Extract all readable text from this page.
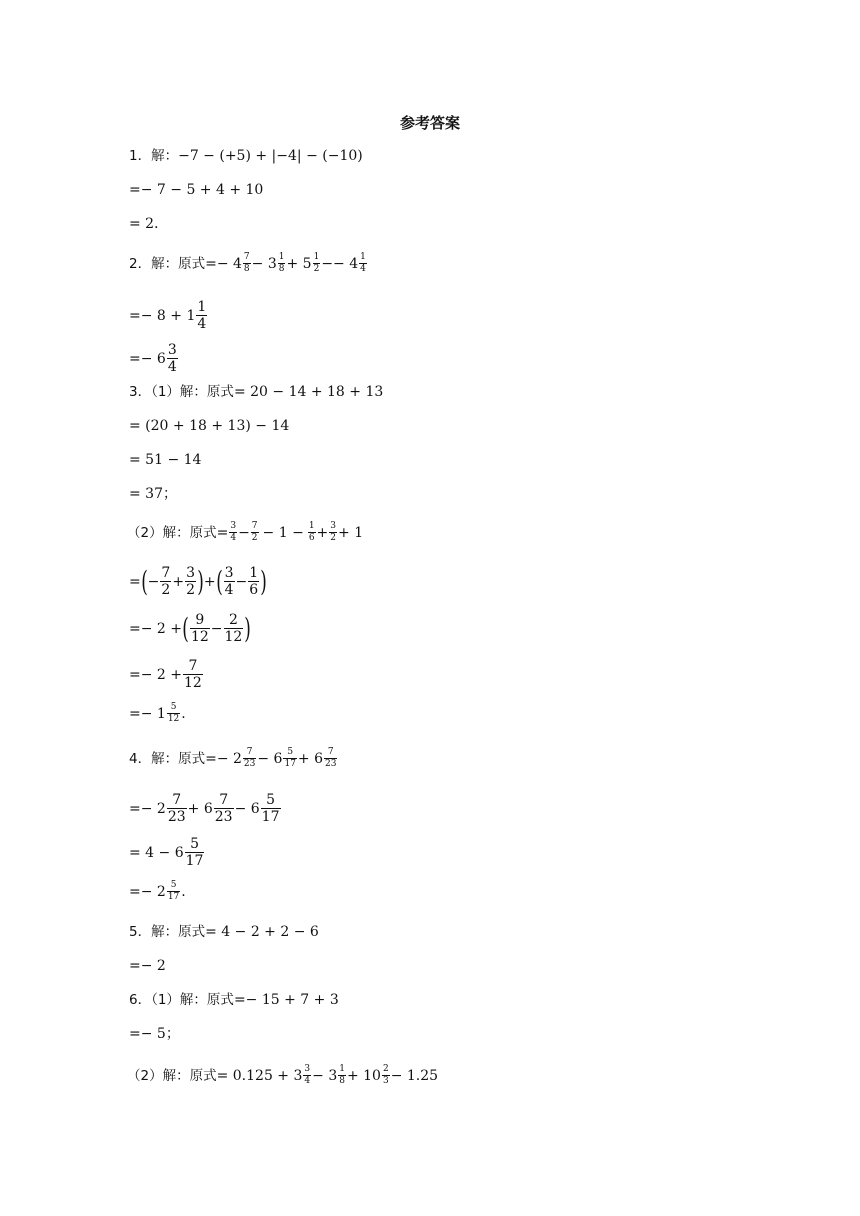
参考答案
1．解： −7 − (+5) + |−4| − (−10)
=− 7 − 5 + 4 + 10
= 2．
2．解：原式 =− $4 \frac{7}{8} - 3 \frac{1}{8} + 5 \frac{1}{2} -- 4 \frac{1}{4}$
=− $8 + 1 \frac{1}{4}$
=− $6 \frac{3}{4}$
3．（1）解：原式 = 20 − 14 + 18 + 13
= (20 + 18 + 13) − 14
= 51 − 14
= 37；
（2）解：原式 = $\frac{3}{4} - \frac{7}{2} - 1 - \frac{1}{6} + \frac{3}{2} + 1$
= ( − $\frac{7}{2} + \frac{3}{2}$ ) + ( $\frac{3}{4} - \frac{1}{6}$ )
=− 2 + ( $\frac{9}{12} - \frac{2}{12}$ )
=− $2 + \frac{7}{12}$
=− $1 \frac{5}{12}$ .
4．解：原式 =− $2 \frac{7}{23} - 6 \frac{5}{17} + 6 \frac{7}{23}$
=− $2 \frac{7}{23} + 6 \frac{7}{23} - 6 \frac{5}{17}$
= $4 - 6 \frac{5}{17}$
=− $2 \frac{5}{17}$ .
5．解：原式 = 4 − 2 + 2 − 6
=− 2
6．（1）解：原式 =− 15 + 7 + 3
=− 5；
（2）解：原式 = $0.125 + 3 \frac{3}{4} - 3 \frac{1}{8} + 10 \frac{2}{3} - 1.25$
